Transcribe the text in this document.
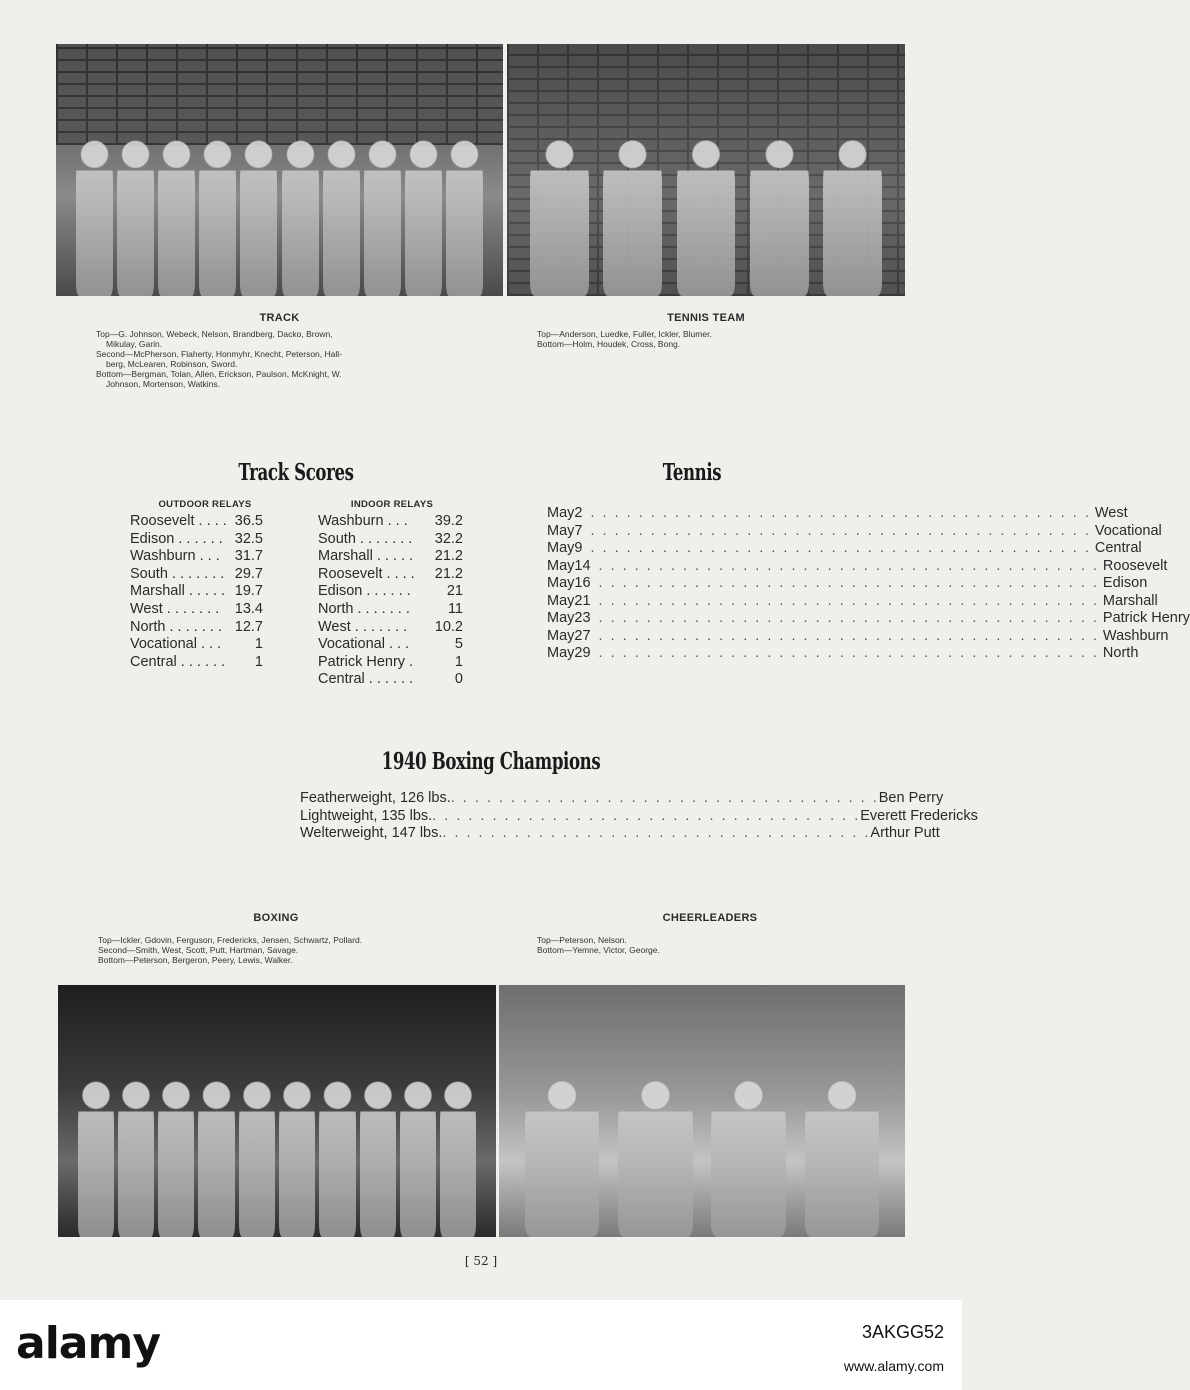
TRACK
Top—G. Johnson, Webeck, Nelson, Brandberg, Dacko, Brown,
Mikulay, Garin.
Second—McPherson, Flaherty, Honmyhr, Knecht, Peterson, Hall-
berg, McLearen, Robinson, Sword.
Bottom—Bergman, Tolan, Allen, Erickson, Paulson, McKnight, W.
Johnson, Mortenson, Watkins.
TENNIS TEAM
Top—Anderson, Luedke, Fuller, Ickler, Blumer.
Bottom—Holm, Houdek, Cross, Bong.
Track Scores
OUTDOOR RELAYS	INDOOR RELAYS
Roosevelt . . . . 36.5
Edison . . . . . . 32.5
Washburn . . . 31.7
South . . . . . . . 29.7
Marshall . . . . . 19.7
West . . . . . . . 13.4
North . . . . . . . 12.7
Vocational . . . 1
Central . . . . . . 1
Washburn . . . 39.2
South . . . . . . . 32.2
Marshall . . . . . 21.2
Roosevelt . . . . 21.2
Edison . . . . . . 21
North . . . . . . .	11
West . . . . . . . 10.2
Vocational . . .	5
Patrick Henry .	1
Central . . . . . .	0
Tennis
May 2 . . . . . . . . . . . . . . . . . . . . . . . . . . . . . . . . . . . . . . . . . . West
May 7 . . . . . . . . . . . . . . . . . . . . . . . . . . . . . . . . . . . . . . . . . . Vocational
May 9 . . . . . . . . . . . . . . . . . . . . . . . . . . . . . . . . . . . . . . . . . . Central
May 14 . . . . . . . . . . . . . . . . . . . . . . . . . . . . . . . . . . . . . . . . . . Roosevelt
May 16 . . . . . . . . . . . . . . . . . . . . . . . . . . . . . . . . . . . . . . . . . . Edison
May 21 . . . . . . . . . . . . . . . . . . . . . . . . . . . . . . . . . . . . . . . . . . Marshall
May 23 . . . . . . . . . . . . . . . . . . . . . . . . . . . . . . . . . . . . . . . . . . Patrick Henry
May 27 . . . . . . . . . . . . . . . . . . . . . . . . . . . . . . . . . . . . . . . . . . Washburn
May 29 . . . . . . . . . . . . . . . . . . . . . . . . . . . . . . . . . . . . . . . . . . North
1940 Boxing Champions
Featherweight, 126 lbs. . . . . . . . . . . . . . . . . . . . . . . . . . . . . . . . . . . . . Ben Perry
Lightweight, 135 lbs. . . . . . . . . . . . . . . . . . . . . . . . . . . . . . . . . . . . . Everett Fredericks
Welterweight, 147 lbs. . . . . . . . . . . . . . . . . . . . . . . . . . . . . . . . . . . . . Arthur Putt
BOXING
Top—Ickler, Gdovin, Ferguson, Fredericks, Jensen, Schwartz, Pollard.
Second—Smith, West, Scott, Putt, Hartman, Savage.
Bottom—Peterson, Bergeron, Peery, Lewis, Walker.
CHEERLEADERS
Top—Peterson, Nelson.
Bottom—Yemne, Victor, George.
[ 52 ]
alamy	3AKGG52
www.alamy.com
